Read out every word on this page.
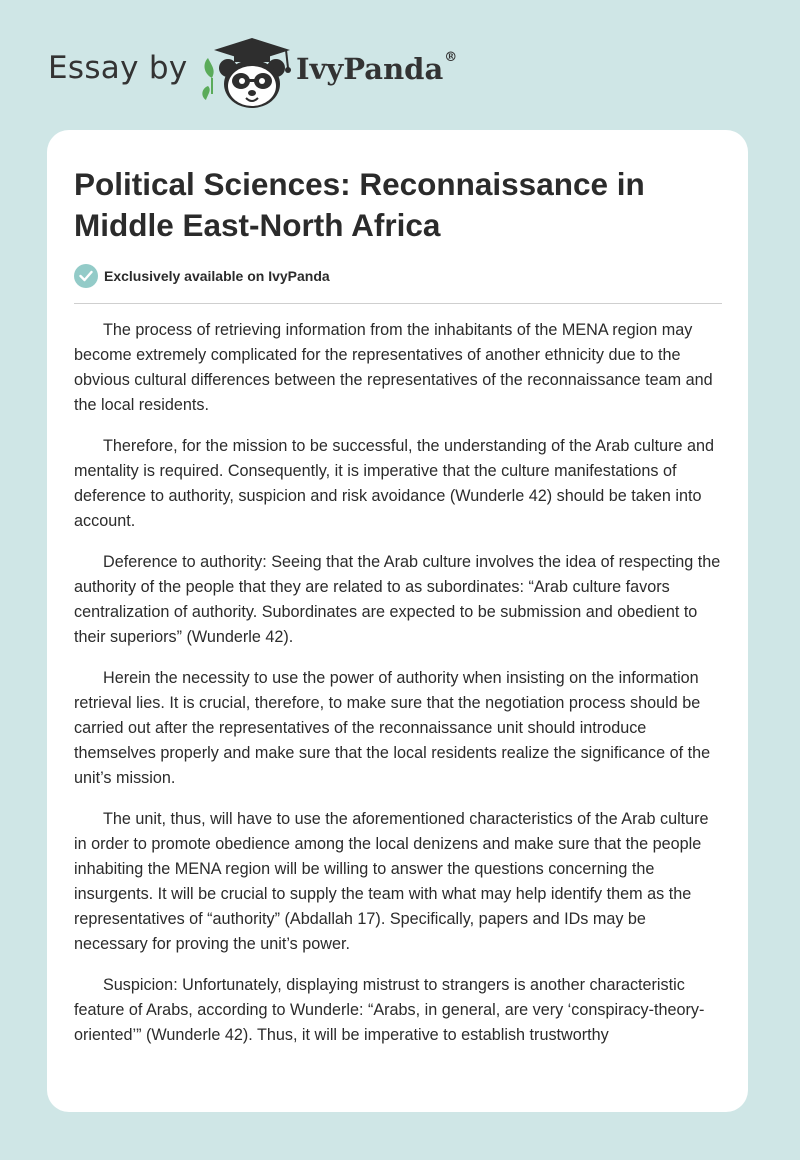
Essay by	IvyPanda®
Political Sciences: Reconnaissance in Middle East-North Africa
Exclusively available on IvyPanda

The process of retrieving information from the inhabitants of the MENA region may become extremely complicated for the representatives of another ethnicity due to the obvious cultural differences between the representatives of the reconnaissance team and the local residents.

Therefore, for the mission to be successful, the understanding of the Arab culture and mentality is required. Consequently, it is imperative that the culture manifestations of deference to authority, suspicion and risk avoidance (Wunderle 42) should be taken into account.

Deference to authority: Seeing that the Arab culture involves the idea of respecting the authority of the people that they are related to as subordinates: “Arab culture favors centralization of authority. Subordinates are expected to be submission and obedient to their superiors” (Wunderle 42).

Herein the necessity to use the power of authority when insisting on the information retrieval lies. It is crucial, therefore, to make sure that the negotiation process should be carried out after the representatives of the reconnaissance unit should introduce themselves properly and make sure that the local residents realize the significance of the unit’s mission.

The unit, thus, will have to use the aforementioned characteristics of the Arab culture in order to promote obedience among the local denizens and make sure that the people inhabiting the MENA region will be willing to answer the questions concerning the insurgents. It will be crucial to supply the team with what may help identify them as the representatives of “authority” (Abdallah 17). Specifically, papers and IDs may be necessary for proving the unit’s power.

Suspicion: Unfortunately, displaying mistrust to strangers is another characteristic feature of Arabs, according to Wunderle: “Arabs, in general, are very ‘conspiracy-theory-oriented’” (Wunderle 42). Thus, it will be imperative to establish trustworthy
